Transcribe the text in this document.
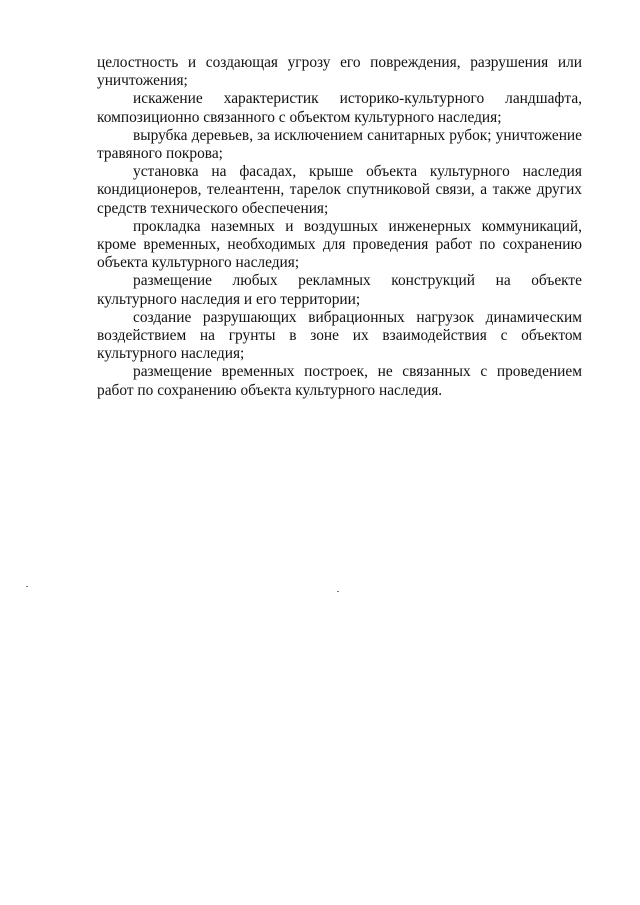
целостность и создающая угрозу его повреждения, разрушения или уничтожения;

искажение характеристик историко-культурного ландшафта, композиционно связанного с объектом культурного наследия;

вырубка деревьев, за исключением санитарных рубок; уничтожение травяного покрова;

установка на фасадах, крыше объекта культурного наследия кондиционеров, телеантенн, тарелок спутниковой связи, а также других средств технического обеспечения;

прокладка наземных и воздушных инженерных коммуникаций, кроме временных, необходимых для проведения работ по сохранению объекта культурного наследия;

размещение любых рекламных конструкций на объекте культурного наследия и его территории;

создание разрушающих вибрационных нагрузок динамическим воздействием на грунты в зоне их взаимодействия с объектом культурного наследия;

размещение временных построек, не связанных с проведением работ по сохранению объекта культурного наследия.
